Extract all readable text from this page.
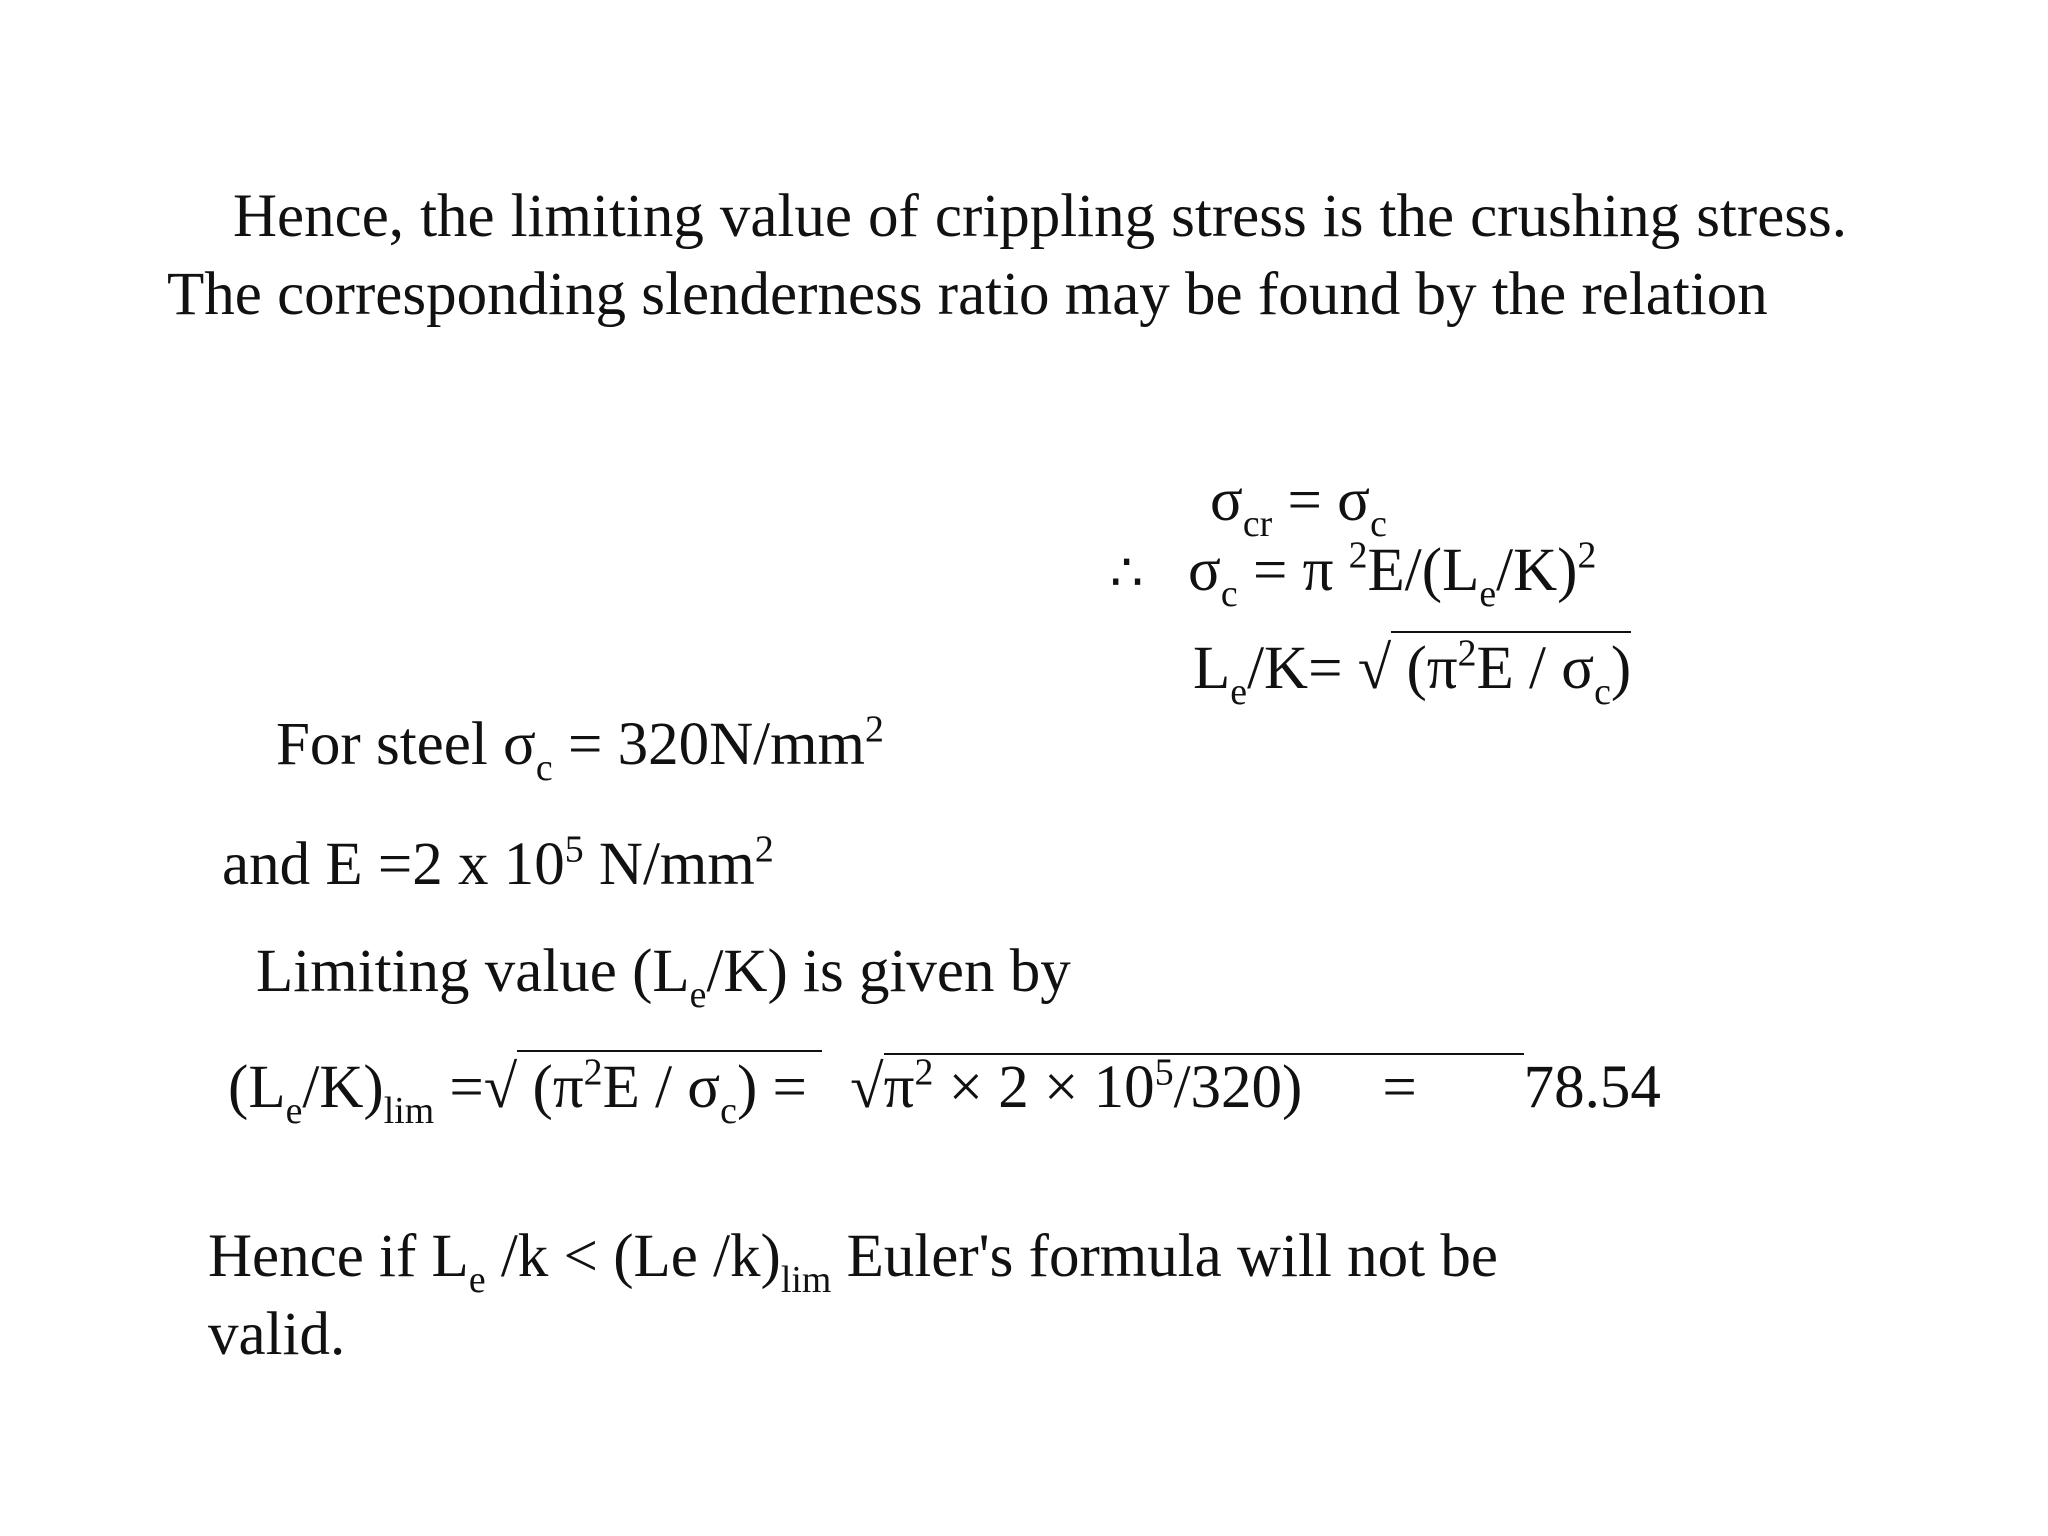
Hence, the limiting value of crippling stress is the crushing stress. The corresponding slenderness ratio may be found by the relation
$\sigma_{cr} = \sigma_c$
∴ $\sigma_c = \pi$ $^2E/(L_e/K)^2$
$L_e/K=$ √ $(\pi^2E / \sigma_c)$
For steel $\sigma_c = 320N/mm^2$
and E =2 x $10^5$ $N/mm^2$
Limiting value $(L_e/K)$ is given by
$(L_e/K)_{lim}$ =√ $(\pi^2E / \sigma_c) = √\pi^2 \times 2 \times 10^5/320) = 78.54$
Hence if $L_e$ /k < (Le $/k)_{lim}$ Euler's formula will not be
valid.
